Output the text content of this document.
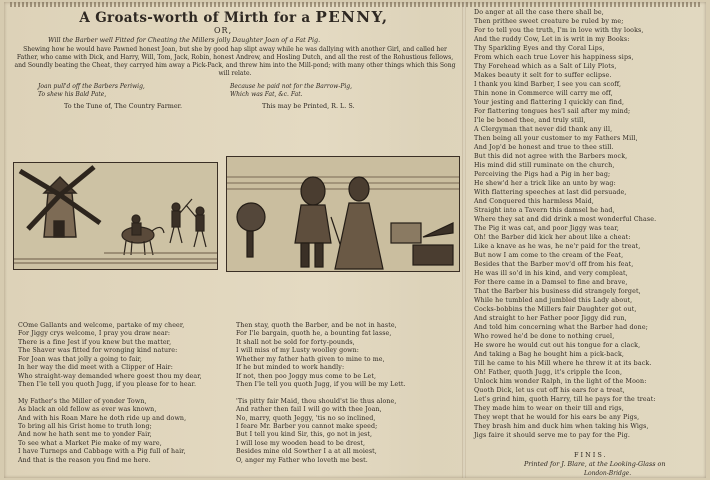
A Groats-worth of Mirth for a PENNY,
OR,
Will the Barber well Fitted for Cheating the Millers jolly Daughter Joan of a Fat Pig.
Shewing how he would have Pawned honest Joan, but she by good hap slipt away while he was dallying with another Girl, and called her Father, who came with Dick, and Harry, Will, Tom, Jack, Robin, honest Andrew, and Hosling Dutch, and all the rest of the Rohustious fellows, and Soundly beating the Cheat, they carryed him away a Pick-Pack, and threw him into the Mill-pond; with many other things which this Song will relate.
Joan pull'd off the Barbers Periwig,
To shew his Bald Pate,
Because he paid not for the Barrow-Pig,
Which was Fat, &c. Fat.
To the Tune of, The Country Farmer.	This may be Printed, R. L. S.

COme Gallants and welcome, partake of my cheer,

For Jiggy crys welcome, I pray you draw near:

There is a fine Jest if you knew but the matter,

The Shaver was fitted for wronging kind nature:

For Joan was that jolly a going to fair,

In her way the did meet with a Clipper of Hair:

Who straight-way demanded where goest thou my dear,

Then I'le tell you quoth Jugg, if you please for to hear.

My Father's the Miller of yonder Town,

As black an old fellow as ever was known,

And with his Roan Mare he doth ride up and down,

To bring all his Grist home to truth long;

And now he hath sent me to yonder Fair,

To see what a Market Pie make of my ware,

I have Turneps and Cabbage with a Pig full of hair,

And that is the reason you find me here.

Then stay, quoth the Barber, and be not in haste,

For I'le bargain, quoth he, a bounting fat lasse,

It shall not be sold for forty-pounds,

I will miss of my Lusty woolley gown:

Whether my father hath given to mine to me,

If he but minded to work handly:

If not, then poo Joggy mus come to be Let,

Then I'le tell you quoth Jugg, if you will be my Lett.

'Tis pitty fair Maid, thou should'st lie thus alone,

And rather then fail I will go with thee Joan,

No, marry, quoth Jeggy, 'tis no so inclined,

I feare Mr. Barber you cannot make speed;

But I tell you kind Sir, this, go not in jest,

I will lose my wooden head to be drest,

Besides mine old Sowther I a at all moiest,

O, anger my Father who loveth me best.

Do anger at all the case there shall be,

Then prithee sweet creature be ruled by me;

For to tell you the truth, I'm in love with thy looks,

And the ruddy Cow, Let in is writ in my Books:

Thy Sparkling Eyes and thy Coral Lips,

From which each true Lover his happiness sips,

Thy Forehead which as a Salt of Lily Plots,

Makes beauty it selt for to suffer eclipse.

I thank you kind Barber, I see you can scoff,

Thin none in Commerce will carry me off,

Your jesting and flattering I quickly can find,

For flattering tongues hes'l sail after my mind;

I'le be boned thee, and truly still,

A Clergyman that never did thank any ill,

Then being all your customer to my Fathers Mill,

And Jop'd be honest and true to thee still.

But this did not agree with the Barbers mock,

His mind did still ruminate on the church,

Perceiving the Pigs had a Pig in her bag;

He shew'd her a trick like an unto by wag:

With flattering speeches at last did persuade,

And Conquered this harmless Maid,

Straight into a Tavern this damsel he had,

Where they sat and did drink a most wonderful Chase.

The Pig it was cat, and poor Jiggy was tear,

Oh! the Barber did kick her about like a cheat:

Like a knave as he was, he ne'r paid for the treat,

But now I am come to the cream of the Feat,

Besides that the Barber mov'd off from his feat,

He was ill so'd in his kind, and very compleat,

For there came in a Damsel to fine and brave,

That the Barber his business did strangely forget,

While he tumbled and jumbled this Lady about,

Cocks-bobbins the Millers fair Daughter got out,

And straight to her Father poor Jiggy did run,

And told him concerning what the Barber had done;

Who rowed he'd be done to nothing cruel,

He swore he would cut out his tongue for a clack,

And taking a Bag he bought him a pick-back,

Till he came to his Mill where he threw it at its back.

Oh! Father, quoth Jugg, it's cripple the Icon,

Unlock him wonder Ralph, in the light of the Moon:

Quoth Dick, let us cut off his ears for a treat,

Let's grind him, quoth Harry, till he pays for the treat:

They made him to wear on their till and rigs,

They wept that he would for his ears be any Pigs,

They brash him and duck him when taking his Wigs,

Jigs faire it should serve me to pay for the Pig.

FINIS.
Printed for J. Blare, at the Looking-Glass on
London-Bridge.
